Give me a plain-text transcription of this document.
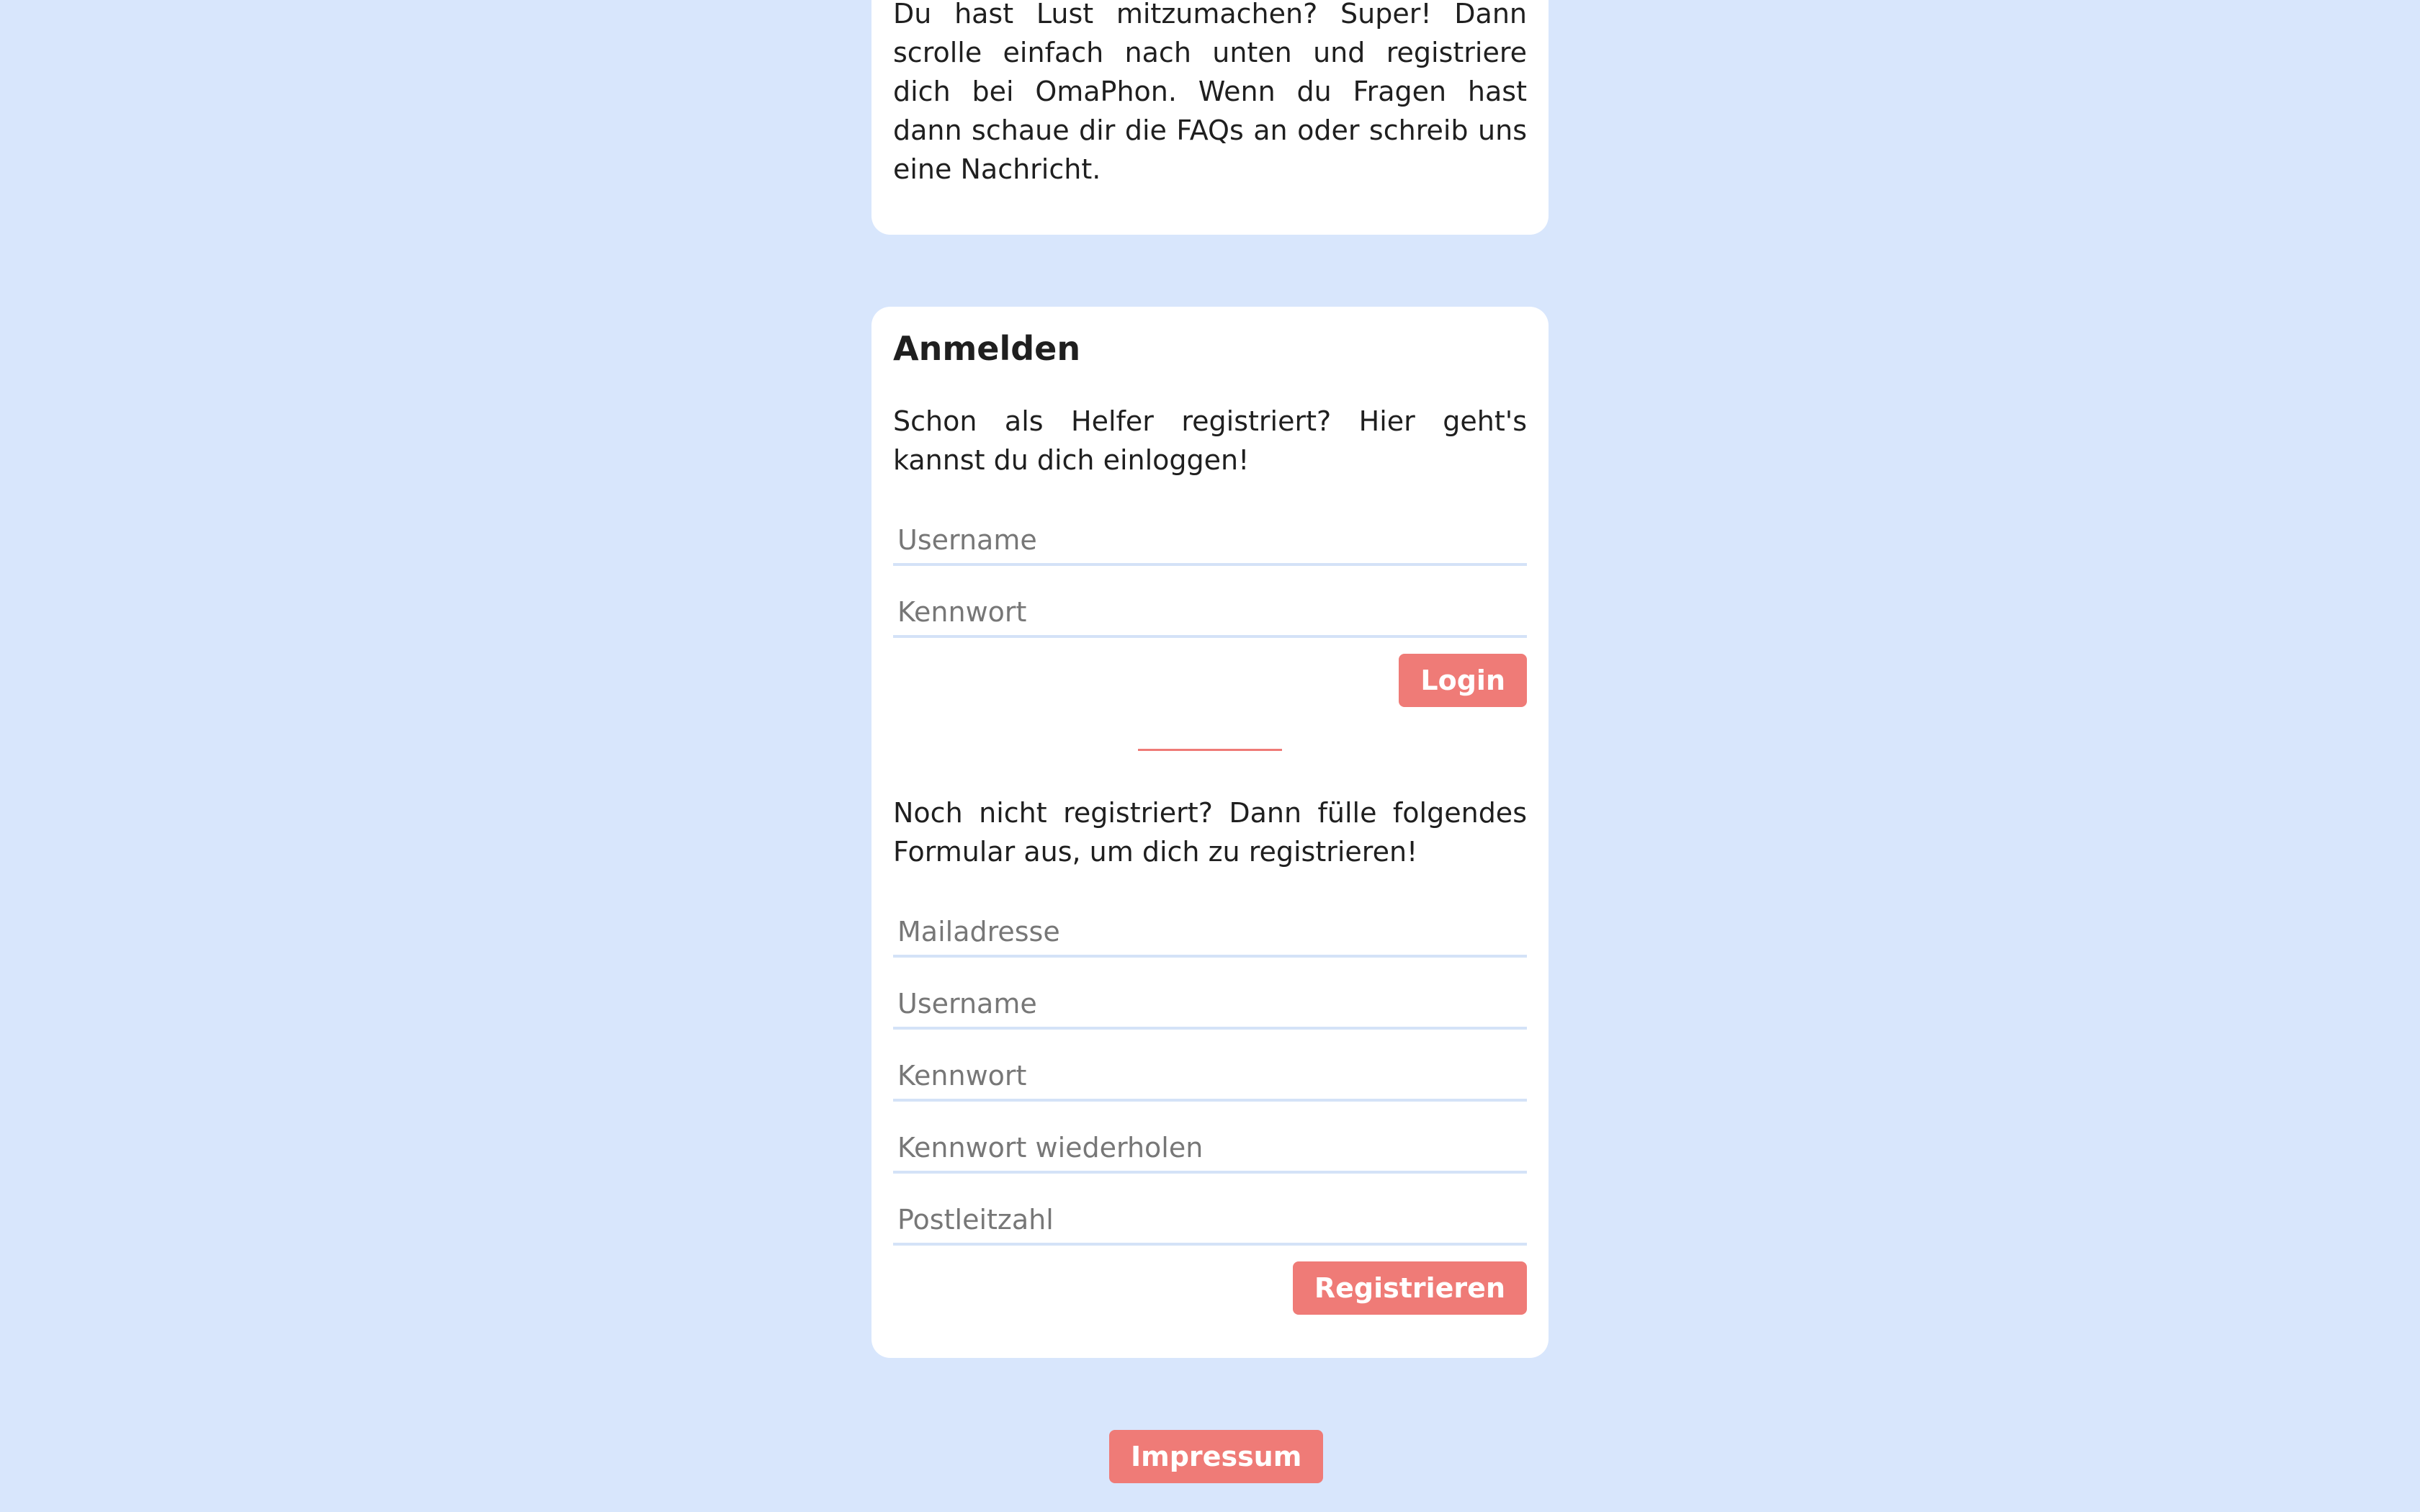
Du hast Lust mitzumachen? Super! Dann scrolle einfach nach unten und registriere dich bei OmaPhon. Wenn du Fragen hast dann schaue dir die FAQs an oder schreib uns eine Nachricht.

Anmelden

Schon als Helfer registriert? Hier geht's kannst du dich einloggen!

Username
Login

Noch nicht registriert? Dann fülle folgendes Formular aus, um dich zu registrieren!

Mailadresse
Username
Postleitzahl
Registrieren
Impressum
